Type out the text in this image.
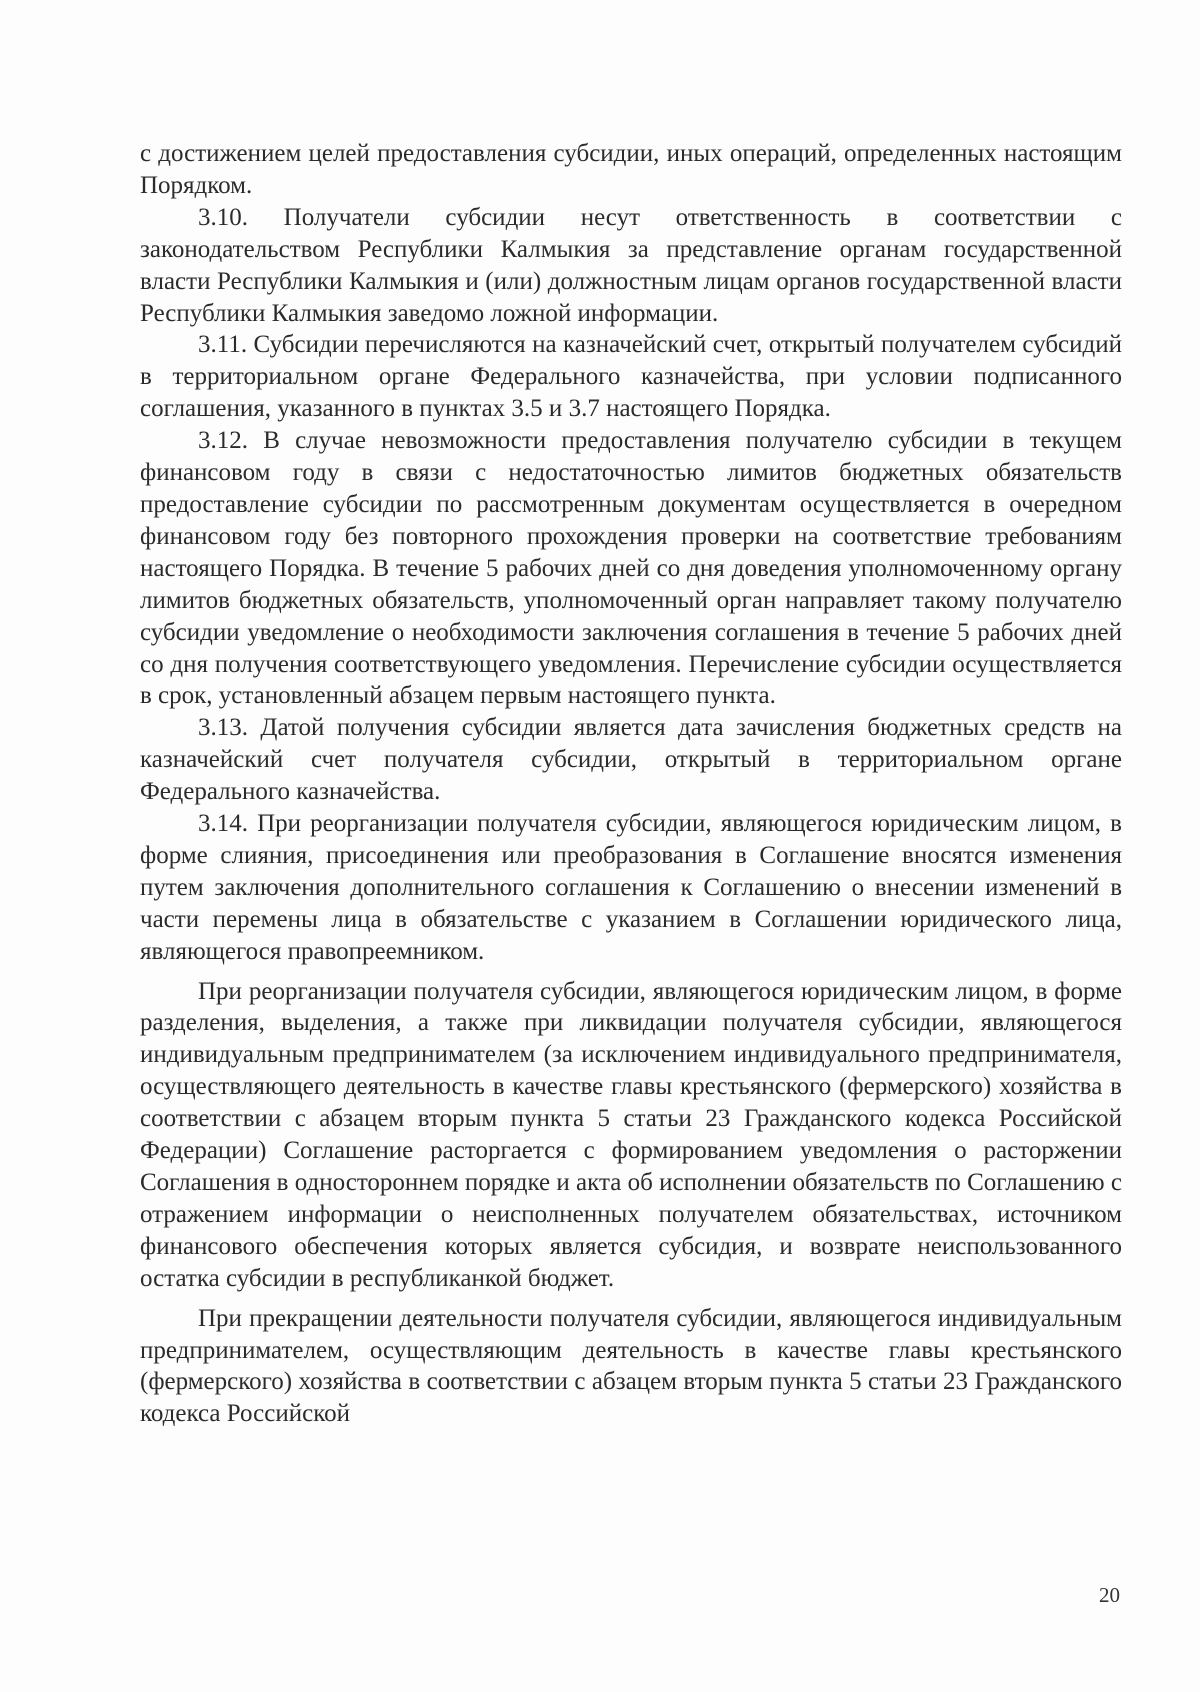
с достижением целей предоставления субсидии, иных операций, определенных настоящим Порядком.

3.10. Получатели субсидии несут ответственность в соответствии с законодательством Республики Калмыкия за представление органам государственной власти Республики Калмыкия и (или) должностным лицам органов государственной власти Республики Калмыкия заведомо ложной информации.

3.11. Субсидии перечисляются на казначейский счет, открытый получателем субсидий в территориальном органе Федерального казначейства, при условии подписанного соглашения, указанного в пунктах 3.5 и 3.7 настоящего Порядка.

3.12. В случае невозможности предоставления получателю субсидии в текущем финансовом году в связи с недостаточностью лимитов бюджетных обязательств предоставление субсидии по рассмотренным документам осуществляется в очередном финансовом году без повторного прохождения проверки на соответствие требованиям настоящего Порядка. В течение 5 рабочих дней со дня доведения уполномоченному органу лимитов бюджетных обязательств, уполномоченный орган направляет такому получателю субсидии уведомление о необходимости заключения соглашения в течение 5 рабочих дней со дня получения соответствующего уведомления. Перечисление субсидии осуществляется в срок, установленный абзацем первым настоящего пункта.

3.13. Датой получения субсидии является дата зачисления бюджетных средств на казначейский счет получателя субсидии, открытый в территориальном органе Федерального казначейства.

3.14. При реорганизации получателя субсидии, являющегося юридическим лицом, в форме слияния, присоединения или преобразования в Соглашение вносятся изменения путем заключения дополнительного соглашения к Соглашению о внесении изменений в части перемены лица в обязательстве с указанием в Соглашении юридического лица, являющегося правопреемником.

При реорганизации получателя субсидии, являющегося юридическим лицом, в форме разделения, выделения, а также при ликвидации получателя субсидии, являющегося индивидуальным предпринимателем (за исключением индивидуального предпринимателя, осуществляющего деятельность в качестве главы крестьянского (фермерского) хозяйства в соответствии с абзацем вторым пункта 5 статьи 23 Гражданского кодекса Российской Федерации) Соглашение расторгается с формированием уведомления о расторжении Соглашения в одностороннем порядке и акта об исполнении обязательств по Соглашению с отражением информации о неисполненных получателем обязательствах, источником финансового обеспечения которых является субсидия, и возврате неиспользованного остатка субсидии в республиканкой бюджет.

При прекращении деятельности получателя субсидии, являющегося индивидуальным предпринимателем, осуществляющим деятельность в качестве главы крестьянского (фермерского) хозяйства в соответствии с абзацем вторым пункта 5 статьи 23 Гражданского кодекса Российской

20
